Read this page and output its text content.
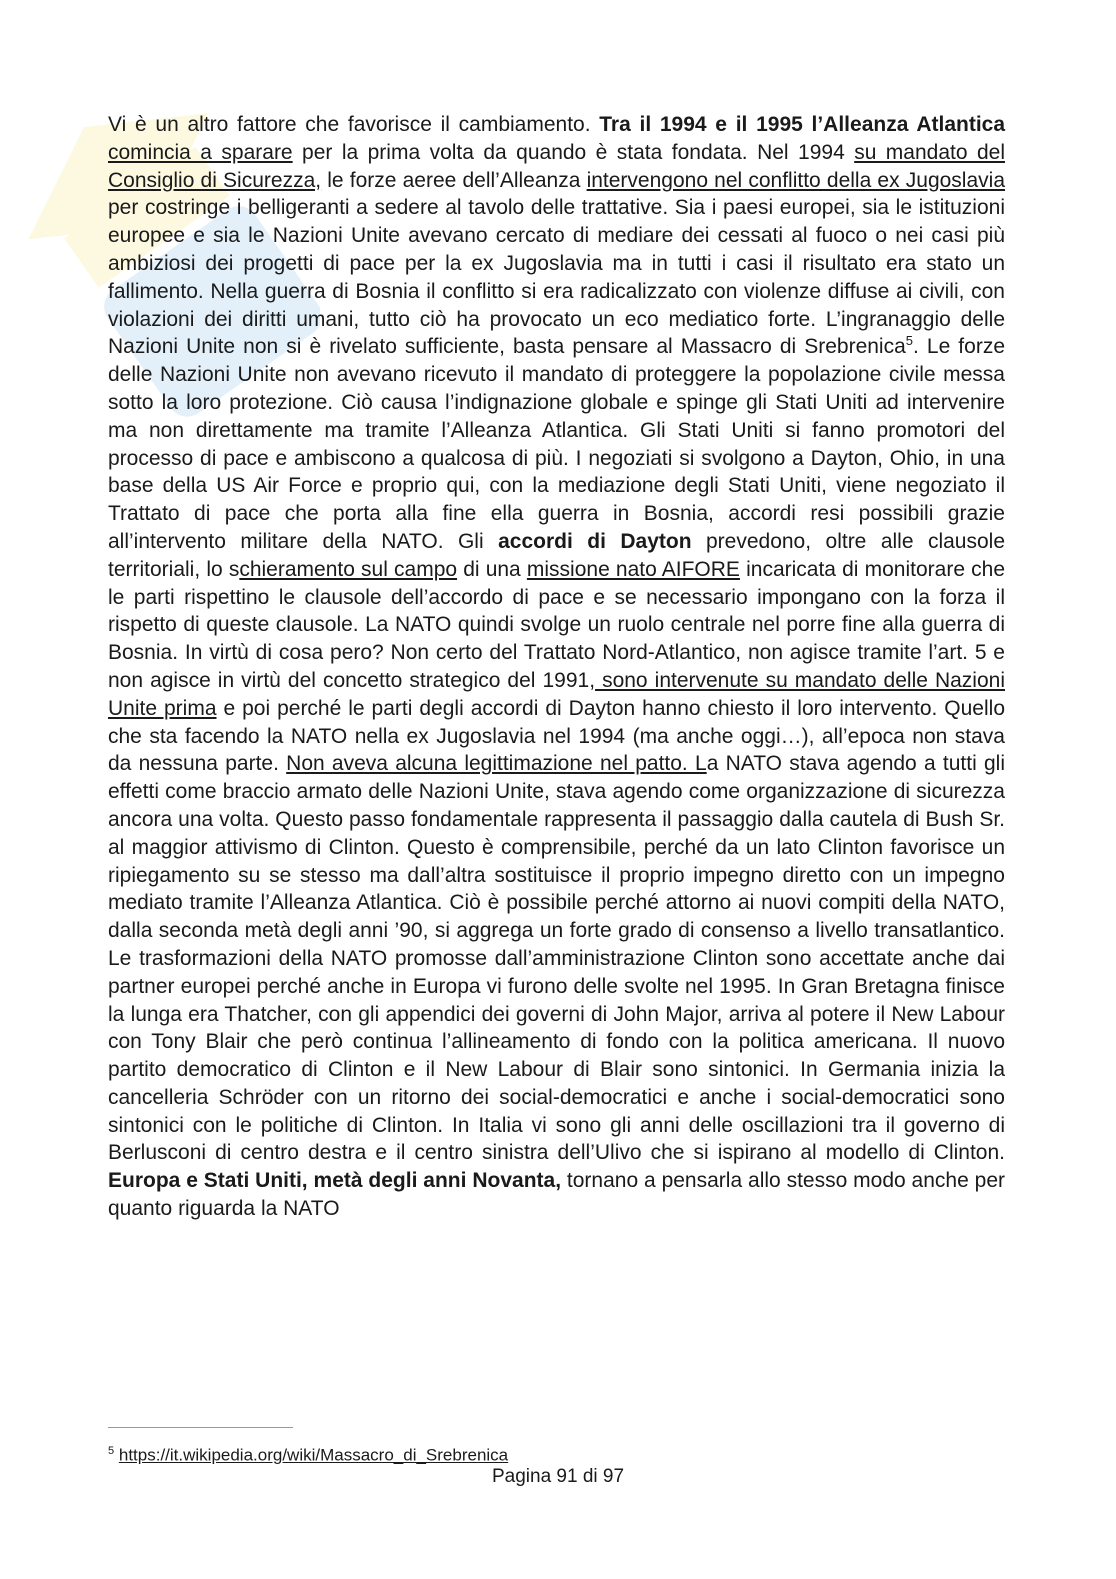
Vi è un altro fattore che favorisce il cambiamento. Tra il 1994 e il 1995 l’Alleanza Atlantica comincia a sparare per la prima volta da quando è stata fondata. Nel 1994 su mandato del Consiglio di Sicurezza, le forze aeree dell’Alleanza intervengono nel conflitto della ex Jugoslavia per costringe i belligeranti a sedere al tavolo delle trattative. Sia i paesi europei, sia le istituzioni europee e sia le Nazioni Unite avevano cercato di mediare dei cessati al fuoco o nei casi più ambiziosi dei progetti di pace per la ex Jugoslavia ma in tutti i casi il risultato era stato un fallimento. Nella guerra di Bosnia il conflitto si era radicalizzato con violenze diffuse ai civili, con violazioni dei diritti umani, tutto ciò ha provocato un eco mediatico forte. L’ingranaggio delle Nazioni Unite non si è rivelato sufficiente, basta pensare al Massacro di Srebrenica$^5$. Le forze delle Nazioni Unite non avevano ricevuto il mandato di proteggere la popolazione civile messa sotto la loro protezione. Ciò causa l’indignazione globale e spinge gli Stati Uniti ad intervenire ma non direttamente ma tramite l’Alleanza Atlantica. Gli Stati Uniti si fanno promotori del processo di pace e ambiscono a qualcosa di più. I negoziati si svolgono a Dayton, Ohio, in una base della US Air Force e proprio qui, con la mediazione degli Stati Uniti, viene negoziato il Trattato di pace che porta alla fine ella guerra in Bosnia, accordi resi possibili grazie all’intervento militare della NATO. Gli accordi di Dayton prevedono, oltre alle clausole territoriali, lo schieramento sul campo di una missione nato AIFORE incaricata di monitorare che le parti rispettino le clausole dell’accordo di pace e se necessario impongano con la forza il rispetto di queste clausole. La NATO quindi svolge un ruolo centrale nel porre fine alla guerra di Bosnia. In virtù di cosa pero? Non certo del Trattato Nord-Atlantico, non agisce tramite l’art. 5 e non agisce in virtù del concetto strategico del 1991, sono intervenute su mandato delle Nazioni Unite prima e poi perché le parti degli accordi di Dayton hanno chiesto il loro intervento. Quello che sta facendo la NATO nella ex Jugoslavia nel 1994 (ma anche oggi…), all’epoca non stava da nessuna parte. Non aveva alcuna legittimazione nel patto. La NATO stava agendo a tutti gli effetti come braccio armato delle Nazioni Unite, stava agendo come organizzazione di sicurezza ancora una volta. Questo passo fondamentale rappresenta il passaggio dalla cautela di Bush Sr. al maggior attivismo di Clinton. Questo è comprensibile, perché da un lato Clinton favorisce un ripiegamento su se stesso ma dall’altra sostituisce il proprio impegno diretto con un impegno mediato tramite l’Alleanza Atlantica. Ciò è possibile perché attorno ai nuovi compiti della NATO, dalla seconda metà degli anni ’90, si aggrega un forte grado di consenso a livello transatlantico. Le trasformazioni della NATO promosse dall’amministrazione Clinton sono accettate anche dai partner europei perché anche in Europa vi furono delle svolte nel 1995. In Gran Bretagna finisce la lunga era Thatcher, con gli appendici dei governi di John Major, arriva al potere il New Labour con Tony Blair che però continua l’allineamento di fondo con la politica americana. Il nuovo partito democratico di Clinton e il New Labour di Blair sono sintonici. In Germania inizia la cancelleria Schröder con un ritorno dei social-democratici e anche i social-democratici sono sintonici con le politiche di Clinton. In Italia vi sono gli anni delle oscillazioni tra il governo di Berlusconi di centro destra e il centro sinistra dell’Ulivo che si ispirano al modello di Clinton. Europa e Stati Uniti, metà degli anni Novanta, tornano a pensarla allo stesso modo anche per quanto riguarda la NATO
$^5$ https://it.wikipedia.org/wiki/Massacro_di_Srebrenica
Pagina 91 di 97
